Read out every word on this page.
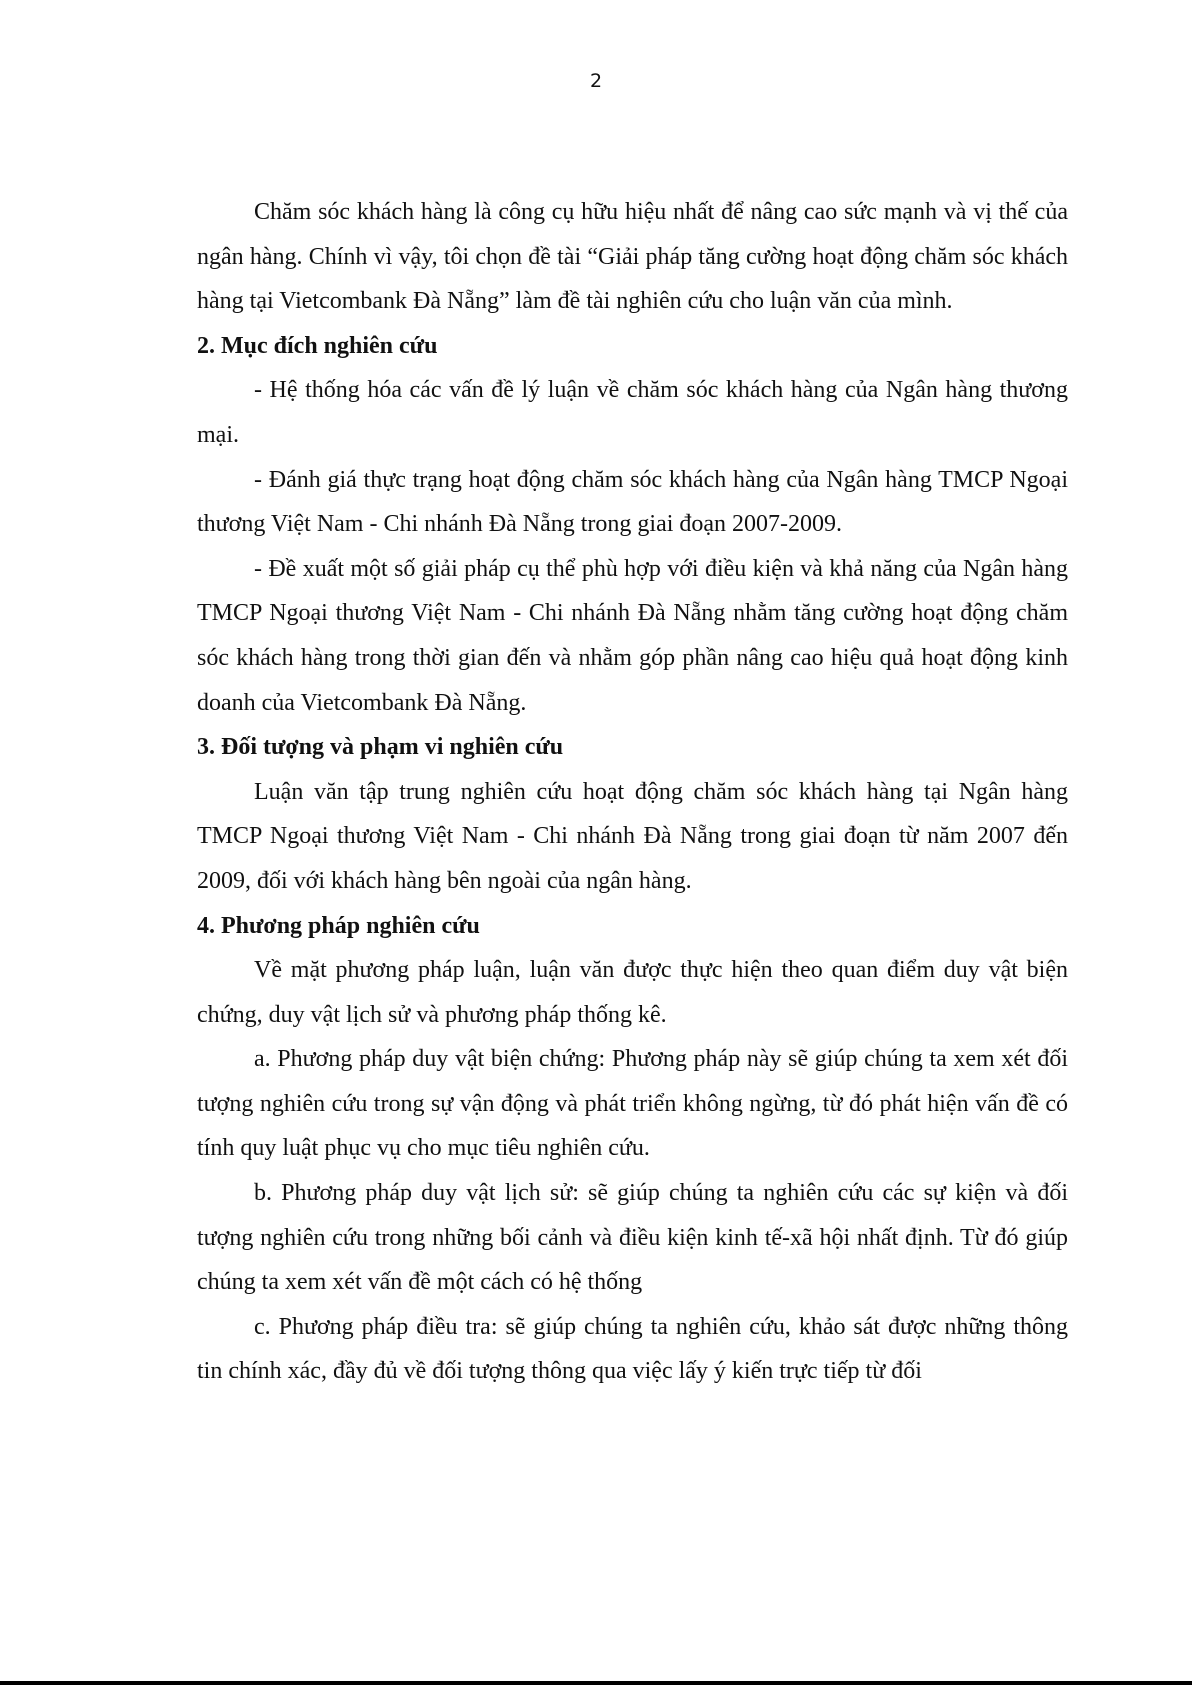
2

Chăm sóc khách hàng là công cụ hữu hiệu nhất để nâng cao sức mạnh và vị thế của ngân hàng. Chính vì vậy, tôi chọn đề tài “Giải pháp tăng cường hoạt động chăm sóc khách hàng tại Vietcombank Đà Nẵng” làm đề tài nghiên cứu cho luận văn của mình.

2. Mục đích nghiên cứu

- Hệ thống hóa các vấn đề lý luận về chăm sóc khách hàng của Ngân hàng thương mại.

- Đánh giá thực trạng hoạt động chăm sóc khách hàng của Ngân hàng TMCP Ngoại thương Việt Nam - Chi nhánh Đà Nẵng trong giai đoạn 2007-2009.

- Đề xuất một số giải pháp cụ thể phù hợp với điều kiện và khả năng của Ngân hàng TMCP Ngoại thương Việt Nam - Chi nhánh Đà Nẵng nhằm tăng cường hoạt động chăm sóc khách hàng trong thời gian đến và nhằm góp phần nâng cao hiệu quả hoạt động kinh doanh của Vietcombank Đà Nẵng.

3. Đối tượng và phạm vi nghiên cứu

Luận văn tập trung nghiên cứu hoạt động chăm sóc khách hàng tại Ngân hàng TMCP Ngoại thương Việt Nam - Chi nhánh Đà Nẵng trong giai đoạn từ năm 2007 đến 2009, đối với khách hàng bên ngoài của ngân hàng.

4. Phương pháp nghiên cứu

Về mặt phương pháp luận, luận văn được thực hiện theo quan điểm duy vật biện chứng, duy vật lịch sử và phương pháp thống kê.

a. Phương pháp duy vật biện chứng: Phương pháp này sẽ giúp chúng ta xem xét đối tượng nghiên cứu trong sự vận động và phát triển không ngừng, từ đó phát hiện vấn đề có tính quy luật phục vụ cho mục tiêu nghiên cứu.

b. Phương pháp duy vật lịch sử: sẽ giúp chúng ta nghiên cứu các sự kiện và đối tượng nghiên cứu trong những bối cảnh và điều kiện kinh tế-xã hội nhất định. Từ đó giúp chúng ta xem xét vấn đề một cách có hệ thống

c. Phương pháp điều tra: sẽ giúp chúng ta nghiên cứu, khảo sát được những thông tin chính xác, đầy đủ về đối tượng thông qua việc lấy ý kiến trực tiếp từ đối
